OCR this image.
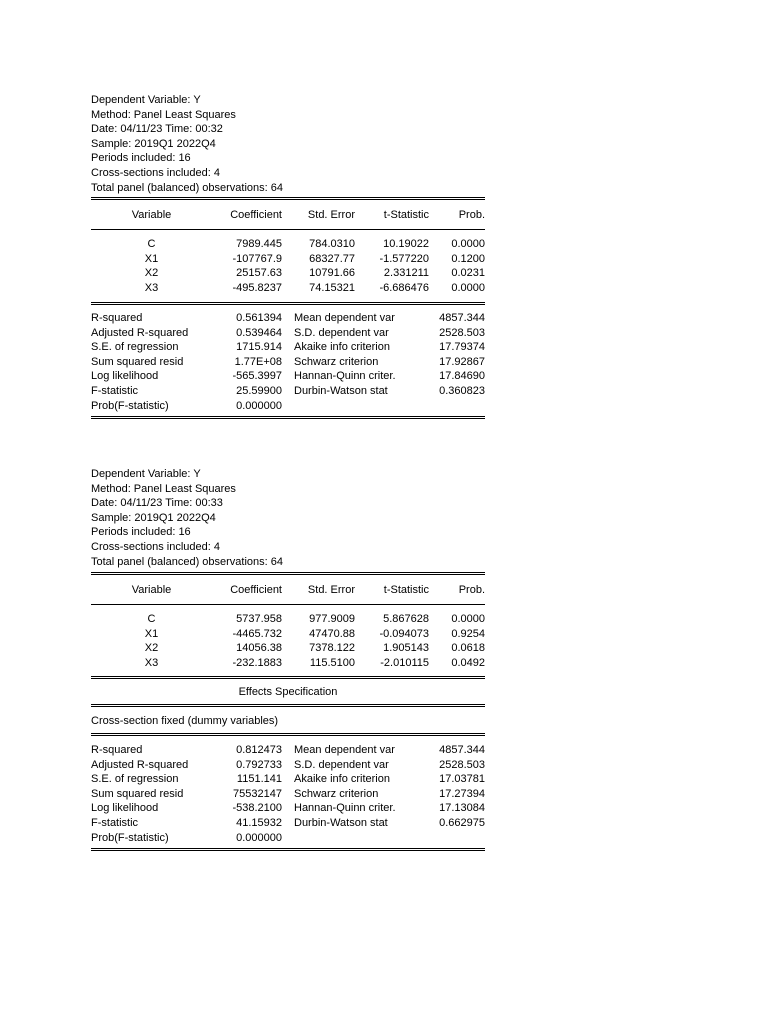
Dependent Variable: Y
Method: Panel Least Squares
Date: 04/11/23 Time: 00:32
Sample: 2019Q1 2022Q4
Periods included: 16
Cross-sections included: 4
Total panel (balanced) observations: 64
Variable	Coefficient	Std. Error	t-Statistic	Prob.
C	7989.445	784.0310	10.19022	0.0000
X1	-107767.9	68327.77	-1.577220	0.1200
X2	25157.63	10791.66	2.331211	0.0231
X3	-495.8237	74.15321	-6.686476	0.0000
R-squared	0.561394	Mean dependent var	4857.344
Adjusted R-squared	0.539464	S.D. dependent var	2528.503
S.E. of regression	1715.914	Akaike info criterion	17.79374
Sum squared resid	1.77E+08	Schwarz criterion	17.92867
Log likelihood	-565.3997	Hannan-Quinn criter.	17.84690
F-statistic	25.59900	Durbin-Watson stat	0.360823
Prob(F-statistic)	0.000000		
Dependent Variable: Y
Method: Panel Least Squares
Date: 04/11/23 Time: 00:33
Sample: 2019Q1 2022Q4
Periods included: 16
Cross-sections included: 4
Total panel (balanced) observations: 64
Variable	Coefficient	Std. Error	t-Statistic	Prob.
C	5737.958	977.9009	5.867628	0.0000
X1	-4465.732	47470.88	-0.094073	0.9254
X2	14056.38	7378.122	1.905143	0.0618
X3	-232.1883	115.5100	-2.010115	0.0492
Effects Specification
Cross-section fixed (dummy variables)
R-squared	0.812473	Mean dependent var	4857.344
Adjusted R-squared	0.792733	S.D. dependent var	2528.503
S.E. of regression	1151.141	Akaike info criterion	17.03781
Sum squared resid	75532147	Schwarz criterion	17.27394
Log likelihood	-538.2100	Hannan-Quinn criter.	17.13084
F-statistic	41.15932	Durbin-Watson stat	0.662975
Prob(F-statistic)	0.000000		
